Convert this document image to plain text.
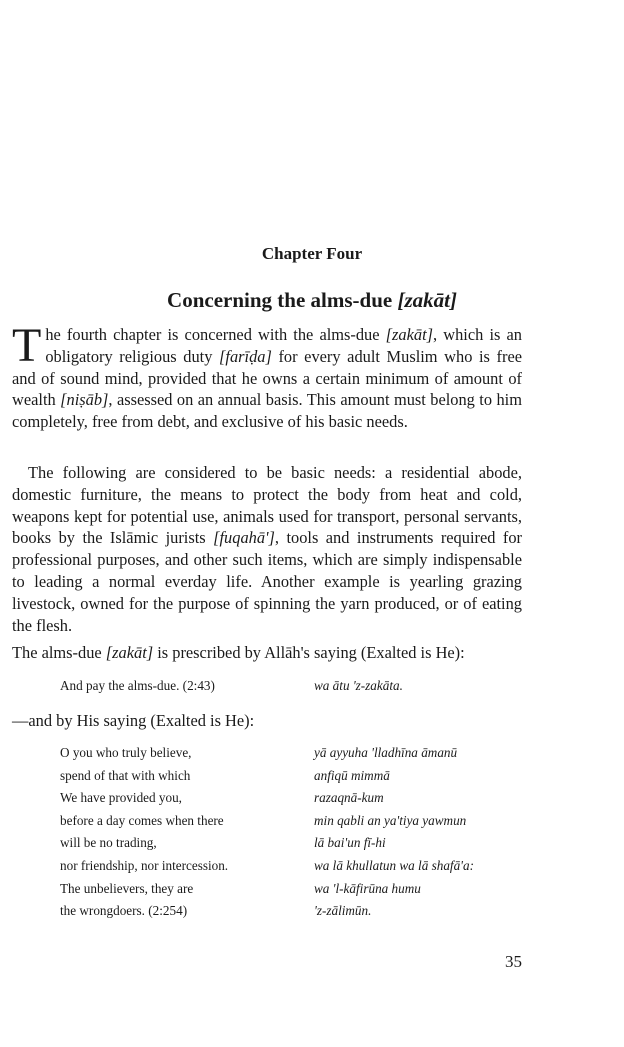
Chapter Four
Concerning the alms-due [zakāt]

The fourth chapter is concerned with the alms-due [zakāt], which is an obligatory religious duty [farīḍa] for every adult Muslim who is free and of sound mind, provided that he owns a certain minimum of amount of wealth [niṣāb], assessed on an annual basis. This amount must belong to him completely, free from debt, and exclusive of his basic needs.

The following are considered to be basic needs: a residential abode, domestic furniture, the means to protect the body from heat and cold, weapons kept for potential use, animals used for transport, personal servants, books by the Islāmic jurists [fuqahā'], tools and instruments required for professional purposes, and other such items, which are simply indispensable to leading a normal everday life. Another example is yearling grazing livestock, owned for the purpose of spinning the yarn produced, or of eating the flesh.

The alms-due [zakāt] is prescribed by Allāh's saying (Exalted is He):

And pay the alms-due. (2:43)	wa ātu 'z-zakāta.

—and by His saying (Exalted is He):

O you who truly believe,	yā ayyuha 'lladhīna āmanū
spend of that with which	anfiqū mimmā
We have provided you,	razaqnā-kum
before a day comes when there	min qabli an ya'tiya yawmun
will be no trading,	lā bai'un fī-hi
nor friendship, nor intercession.	wa lā khullatun wa lā shafā'a:
The unbelievers, they are	wa 'l-kāfirūna humu
the wrongdoers. (2:254)	'z-zālimūn.
35
